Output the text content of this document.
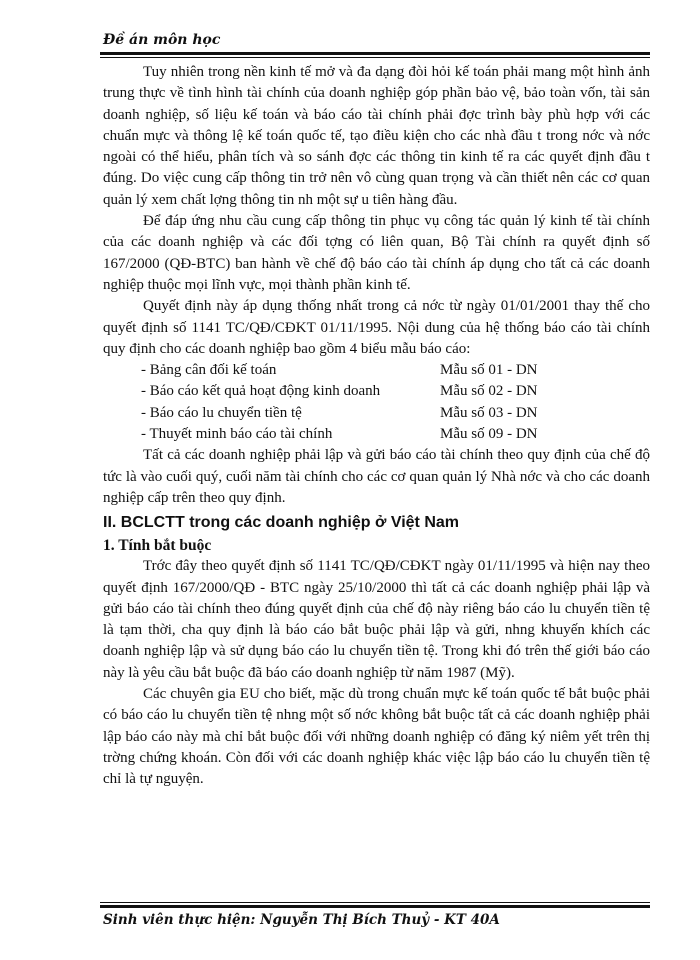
Đề án môn học

Tuy nhiên trong nền kinh tế mở và đa dạng đòi hỏi kế toán phải mang một hình ảnh trung thực về tình hình tài chính của doanh nghiệp góp phần bảo vệ, bảo toàn vốn, tài sản doanh nghiệp, số liệu kế toán và báo cáo tài chính phải đợc trình bày phù hợp với các chuẩn mực và thông lệ kế toán quốc tế, tạo điều kiện cho các nhà đầu t trong nớc và nớc ngoài có thể hiểu, phân tích và so sánh đợc các thông tin kinh tế ra các quyết định đầu t đúng. Do việc cung cấp thông tin trở nên vô cùng quan trọng và cần thiết nên các cơ quan quản lý xem chất lợng thông tin nh một sự u tiên hàng đầu.

Để đáp ứng nhu cầu cung cấp thông tin phục vụ công tác quản lý kinh tế tài chính của các doanh nghiệp và các đối tợng có liên quan, Bộ Tài chính ra quyết định số 167/2000 (QĐ-BTC) ban hành về chế độ báo cáo tài chính áp dụng cho tất cả các doanh nghiệp thuộc mọi lĩnh vực, mọi thành phần kinh tế.

Quyết định này áp dụng thống nhất trong cả nớc từ ngày 01/01/2001 thay thế cho quyết định số 1141 TC/QĐ/CĐKT 01/11/1995. Nội dung của hệ thống báo cáo tài chính quy định cho các doanh nghiệp bao gồm 4 biểu mẫu báo cáo:

- Bảng cân đối kế toán	Mẫu số 01 - DN
- Báo cáo kết quả hoạt động kinh doanh	Mẫu số 02 - DN
- Báo cáo lu chuyển tiền tệ	Mẫu số 03 - DN
- Thuyết minh báo cáo tài chính	Mẫu số 09 - DN

Tất cả các doanh nghiệp phải lập và gửi báo cáo tài chính theo quy định của chế độ tức là vào cuối quý, cuối năm tài chính cho các cơ quan quản lý Nhà nớc và cho các doanh nghiệp cấp trên theo quy định.

II. BCLCTT trong các doanh nghiệp ở Việt Nam
1. Tính bắt buộc

Trớc đây theo quyết định số 1141 TC/QĐ/CĐKT ngày 01/11/1995 và hiện nay theo quyết định 167/2000/QĐ - BTC ngày 25/10/2000 thì tất cả các doanh nghiệp phải lập và gửi báo cáo tài chính theo đúng quyết định của chế độ này riêng báo cáo lu chuyển tiền tệ là tạm thời, cha quy định là báo cáo bắt buộc phải lập và gửi, nhng khuyến khích các doanh nghiệp lập và sử dụng báo cáo lu chuyển tiền tệ. Trong khi đó trên thế giới báo cáo này là yêu cầu bắt buộc đã báo cáo doanh nghiệp từ năm 1987 (Mỹ).

Các chuyên gia EU cho biết, mặc dù trong chuẩn mực kế toán quốc tế bắt buộc phải có báo cáo lu chuyển tiền tệ nhng một số nớc không bắt buộc tất cả các doanh nghiệp phải lập báo cáo này mà chỉ bắt buộc đối với những doanh nghiệp có đăng ký niêm yết trên thị trờng chứng khoán. Còn đối với các doanh nghiệp khác việc lập báo cáo lu chuyển tiền tệ chỉ là tự nguyện.

Sinh viên thực hiện: Nguyễn Thị Bích Thuỷ - KT 40A
